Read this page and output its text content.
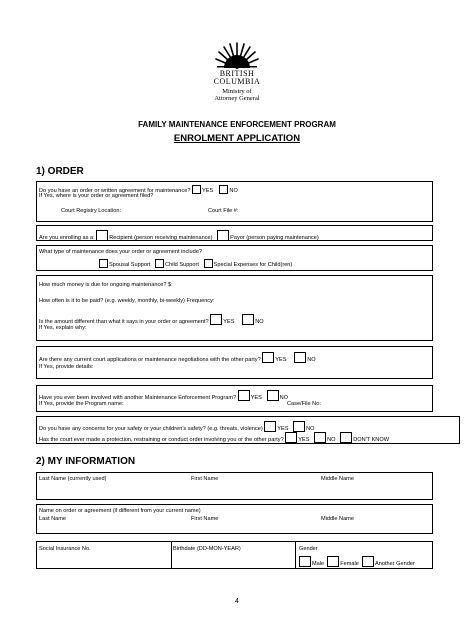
BRITISH
COLUMBIA
Ministry of
Attorney General
FAMILY MAINTENANCE ENFORCEMENT PROGRAM
ENROLMENT APPLICATION
1) ORDER
Do you have an order or written agreement for maintenance? YES	NO
If Yes, where is your order or agreement filed?
Court Registry Location:	Court File #:
Are you enrolling as a:	Recipient (person receiving maintenance)	Payor (person paying maintenance)
What type of maintenance does your order or agreement include?
Spousal Support	Child Support	Special Expenses for Child(ren)
How much money is due for ongoing maintenance? $:
How often is it to be paid? (e.g. weekly, monthly, bi-weekly) Frequency:
Is the amount different than what it says in your order or agreement?	YES	NO
If Yes, explain why:
Are there any current court applications or maintenance negotiations with the other party?	YES	NO
If Yes, provide details:
Have you ever been involved with another Maintenance Enforcement Program?	YES	NO
If Yes, provide the Program name:	Case/File No:
Do you have any concerns for your safety or your children's safety? (e.g. threats, violence)	YES	NO
Has the court ever made a protection, restraining or conduct order involving you or the other party?	YES	NO	DON'T KNOW
2) MY INFORMATION
Last Name (currently used)	First Name	Middle Name
Name on order or agreement (if different from your current name)
Last Name	First Name	Middle Name
Social Insurance No.	Birthdate (DD-MON-YEAR)	Gender
Male	Female	Another Gender
4
